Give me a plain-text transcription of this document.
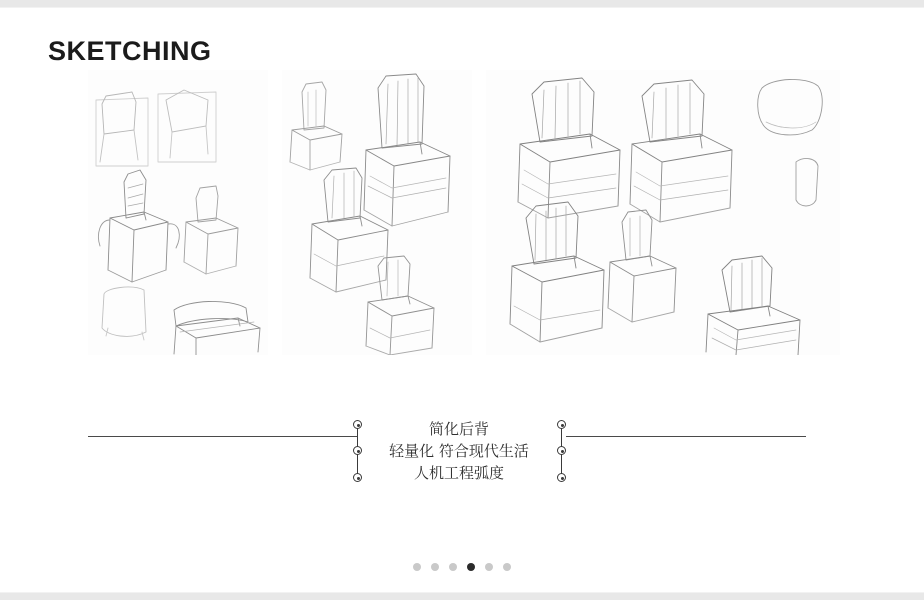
SKETCHING
简化后背
轻量化 符合现代生活
人机工程弧度
